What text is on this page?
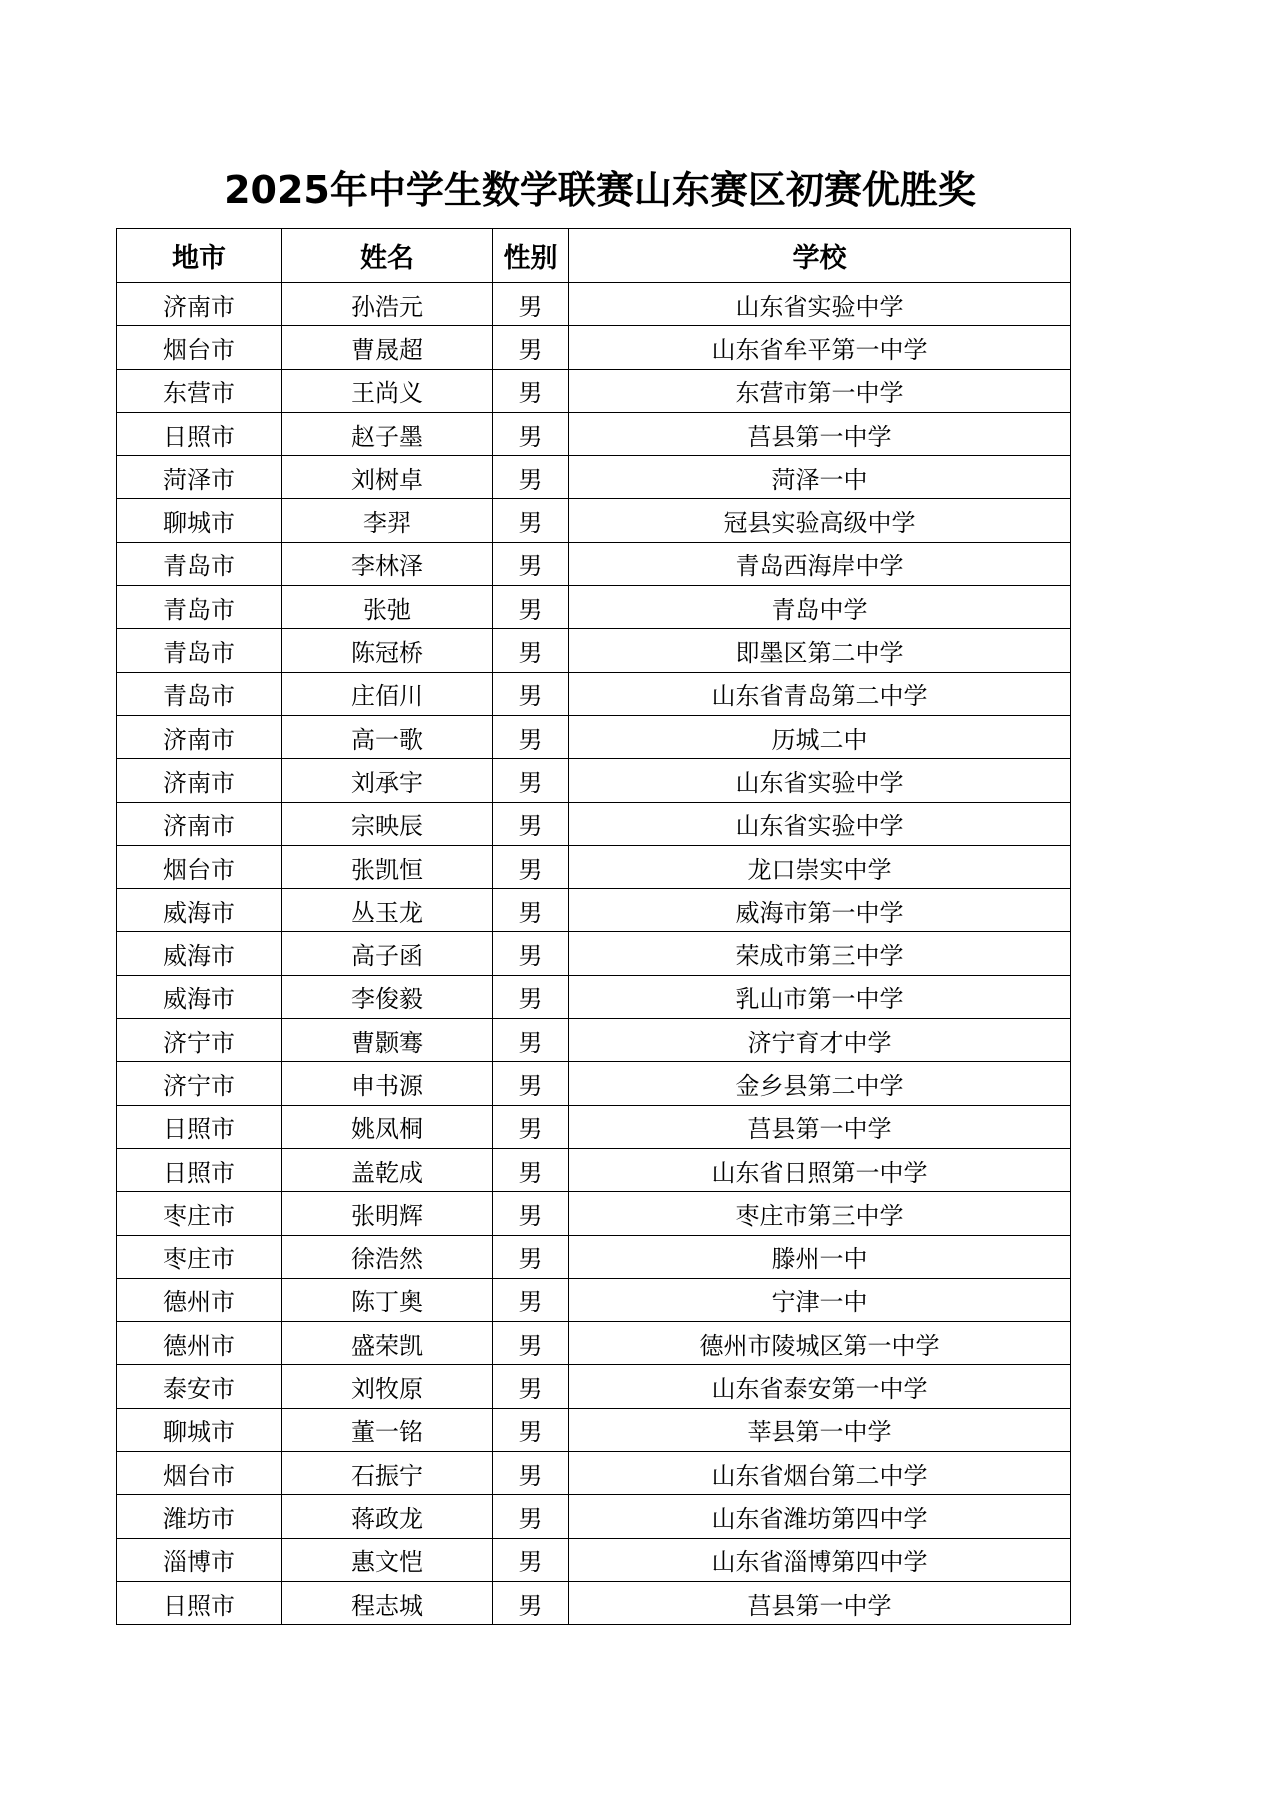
2025年中学生数学联赛山东赛区初赛优胜奖
地市	姓名	性别	学校
济南市	孙浩元	男	山东省实验中学
烟台市	曹晟超	男	山东省牟平第一中学
东营市	王尚义	男	东营市第一中学
日照市	赵子墨	男	莒县第一中学
菏泽市	刘树卓	男	菏泽一中
聊城市	李羿	男	冠县实验高级中学
青岛市	李林泽	男	青岛西海岸中学
青岛市	张弛	男	青岛中学
青岛市	陈冠桥	男	即墨区第二中学
青岛市	庄佰川	男	山东省青岛第二中学
济南市	高一歌	男	历城二中
济南市	刘承宇	男	山东省实验中学
济南市	宗映辰	男	山东省实验中学
烟台市	张凯恒	男	龙口崇实中学
威海市	丛玉龙	男	威海市第一中学
威海市	高子函	男	荣成市第三中学
威海市	李俊毅	男	乳山市第一中学
济宁市	曹颢骞	男	济宁育才中学
济宁市	申书源	男	金乡县第二中学
日照市	姚凤桐	男	莒县第一中学
日照市	盖乾成	男	山东省日照第一中学
枣庄市	张明辉	男	枣庄市第三中学
枣庄市	徐浩然	男	滕州一中
德州市	陈丁奥	男	宁津一中
德州市	盛荣凯	男	德州市陵城区第一中学
泰安市	刘牧原	男	山东省泰安第一中学
聊城市	董一铭	男	莘县第一中学
烟台市	石振宁	男	山东省烟台第二中学
潍坊市	蒋政龙	男	山东省潍坊第四中学
淄博市	惠文恺	男	山东省淄博第四中学
日照市	程志城	男	莒县第一中学
